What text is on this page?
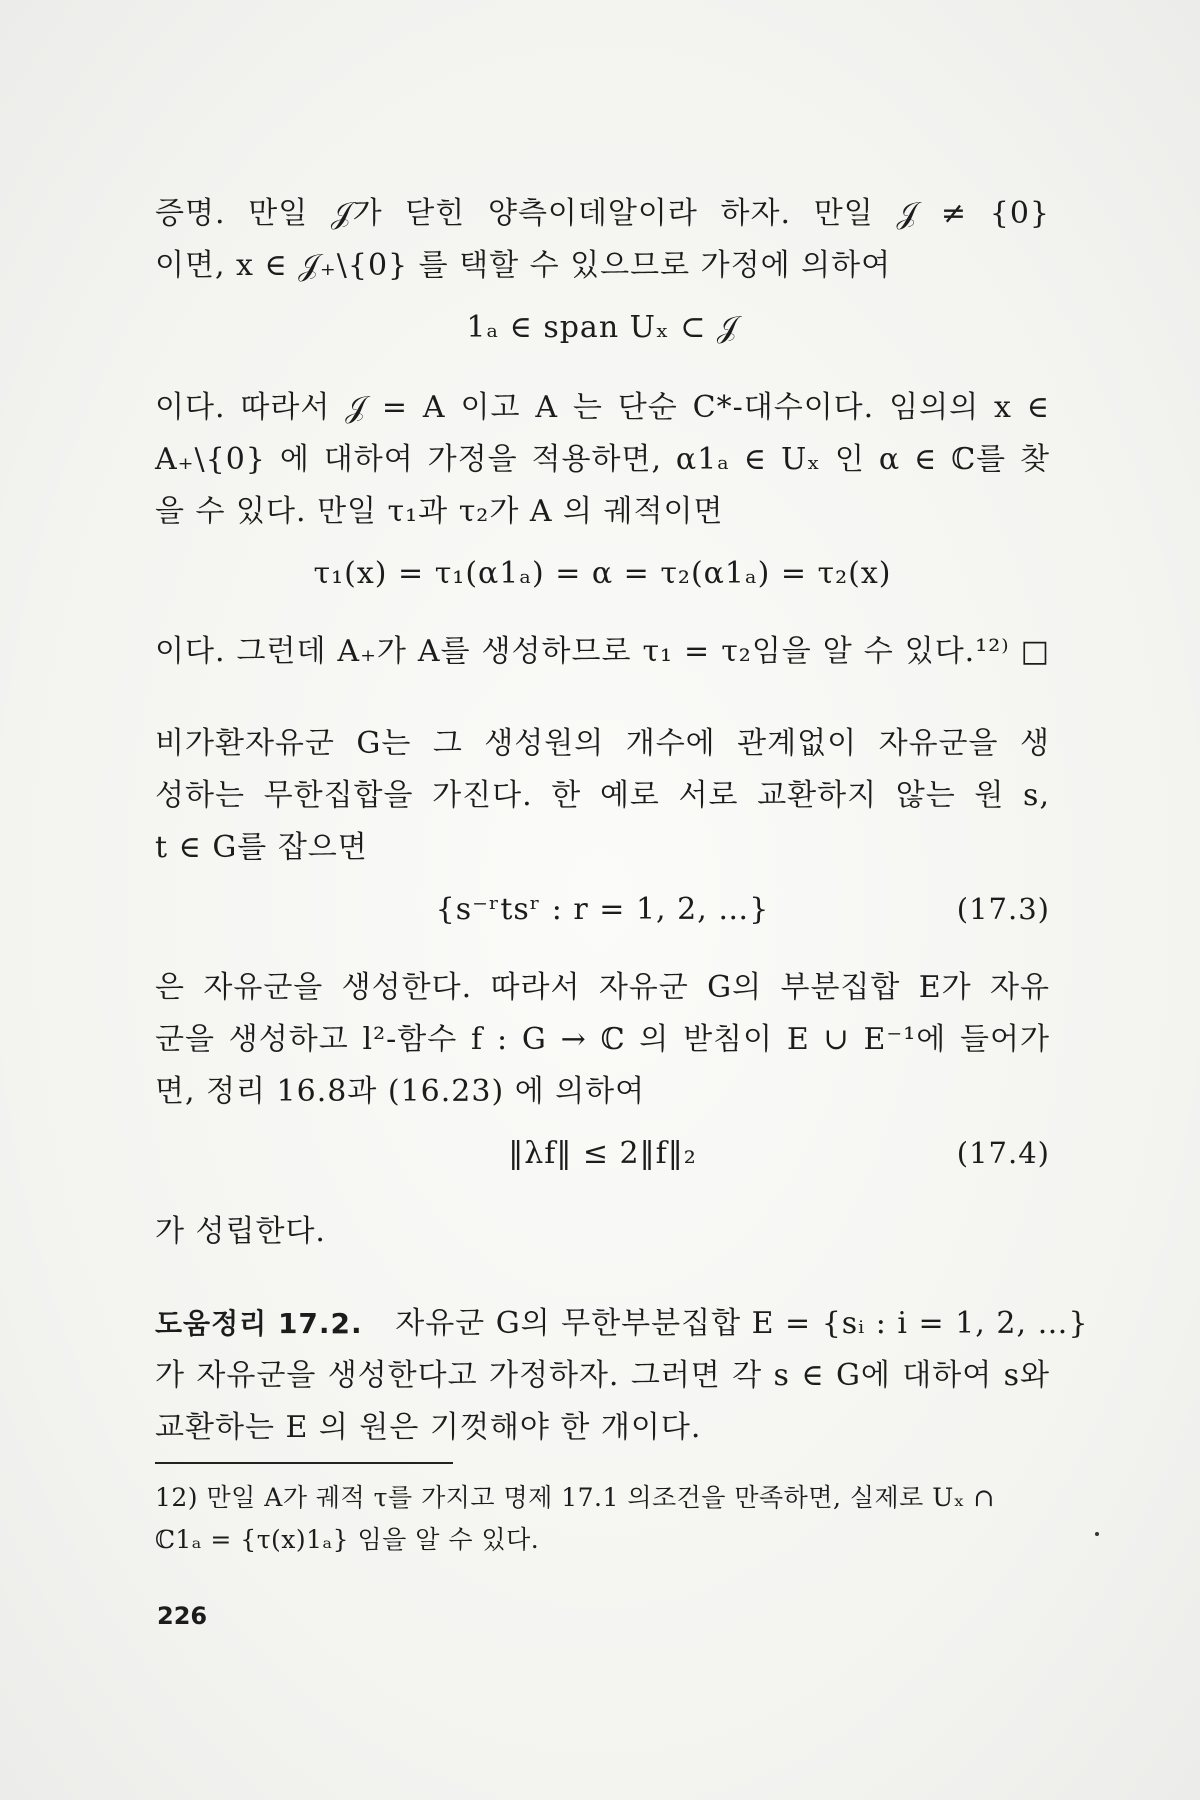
증명. 만일 𝒥가 닫힌 양측이데알이라 하자. 만일 𝒥 ≠ {0}
이면, x ∈ 𝒥₊\{0} 를 택할 수 있으므로 가정에 의하여
1ₐ ∈ span Uₓ ⊂ 𝒥
이다. 따라서 𝒥 = A 이고 A 는 단순 C*-대수이다. 임의의 x ∈
A₊\{0} 에 대하여 가정을 적용하면, α1ₐ ∈ Uₓ 인 α ∈ ℂ를 찾
을 수 있다. 만일 τ₁과 τ₂가 A 의 궤적이면
τ₁(x) = τ₁(α1ₐ) = α = τ₂(α1ₐ) = τ₂(x)
이다. 그런데 A₊가 A를 생성하므로 τ₁ = τ₂임을 알 수 있다.¹²⁾ □
비가환자유군 G는 그 생성원의 개수에 관계없이 자유군을 생
성하는 무한집합을 가진다. 한 예로 서로 교환하지 않는 원 s,
t ∈ G를 잡으면
{s⁻ʳtsʳ : r = 1, 2, …}	(17.3)
은 자유군을 생성한다. 따라서 자유군 G의 부분집합 E가 자유
군을 생성하고 l²-함수 f : G → ℂ 의 받침이 E ∪ E⁻¹에 들어가
면, 정리 16.8과 (16.23) 에 의하여
‖λf‖ ≤ 2‖f‖₂	(17.4)
가 성립한다.
도움정리 17.2. 자유군 G의 무한부분집합 E = {sᵢ : i = 1, 2, …}
가 자유군을 생성한다고 가정하자. 그러면 각 s ∈ G에 대하여 s와
교환하는 E 의 원은 기껏해야 한 개이다.
12) 만일 A가 궤적 τ를 가지고 명제 17.1 의조건을 만족하면, 실제로 Uₓ ∩
ℂ1ₐ = {τ(x)1ₐ} 임을 알 수 있다.
226
